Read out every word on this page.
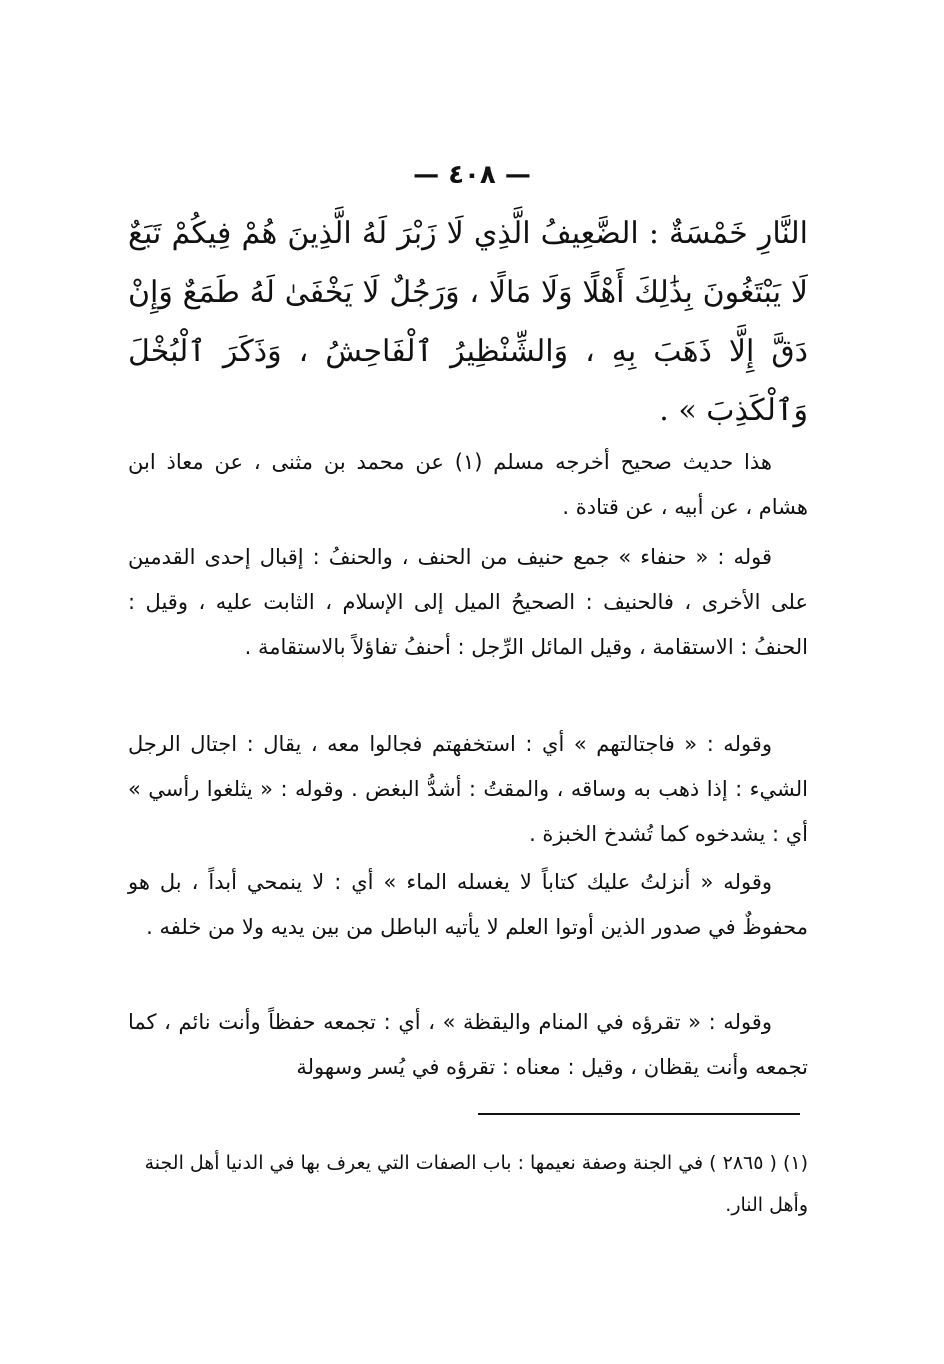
— ٤٠٨ —
النَّارِ خَمْسَةٌ : الضَّعِيفُ الَّذِي لَا زَبْرَ لَهُ الَّذِينَ هُمْ فِيكُمْ تَبَعٌ لَا يَبْتَغُونَ بِذَٰلِكَ أَهْلًا وَلَا مَالًا ، وَرَجُلٌ لَا يَخْفَىٰ لَهُ طَمَعٌ وَإِنْ دَقَّ إِلَّا ذَهَبَ بِهِ ، وَالشِّنْظِيرُ ٱلْفَاحِشُ ، وَذَكَرَ ٱلْبُخْلَ وَٱلْكَذِبَ » .
هذا حديث صحيح أخرجه مسلم (١) عن محمد بن مثنى ، عن معاذ ابن هشام ، عن أبيه ، عن قتادة .
قوله : « حنفاء » جمع حنيف من الحنف ، والحنفُ : إقبال إحدى القدمين على الأخرى ، فالحنيف : الصحيحُ الميل إلى الإسلام ، الثابت عليه ، وقيل : الحنفُ : الاستقامة ، وقيل المائل الرِّجل : أحنفُ تفاؤلاً بالاستقامة .
وقوله : « فاجتالتهم » أي : استخفهتم فجالوا معه ، يقال : اجتال الرجل الشيء : إذا ذهب به وساقه ، والمقتُ : أشدُّ البغض . وقوله : « يثلغوا رأسي » أي : يشدخوه كما تُشدخ الخبزة .
وقوله « أنزلتُ عليك كتاباً لا يغسله الماء » أي : لا ينمحي أبداً ، بل هو محفوظٌ في صدور الذين أوتوا العلم لا يأتيه الباطل من بين يديه ولا من خلفه .
وقوله : « تقرؤه في المنام واليقظة » ، أي : تجمعه حفظاً وأنت نائم ، كما تجمعه وأنت يقظان ، وقيل : معناه : تقرؤه في يُسر وسهولة
(١) ( ٢٨٦٥ ) في الجنة وصفة نعيمها : باب الصفات التي يعرف بها في الدنيا أهل الجنة وأهل النار.
